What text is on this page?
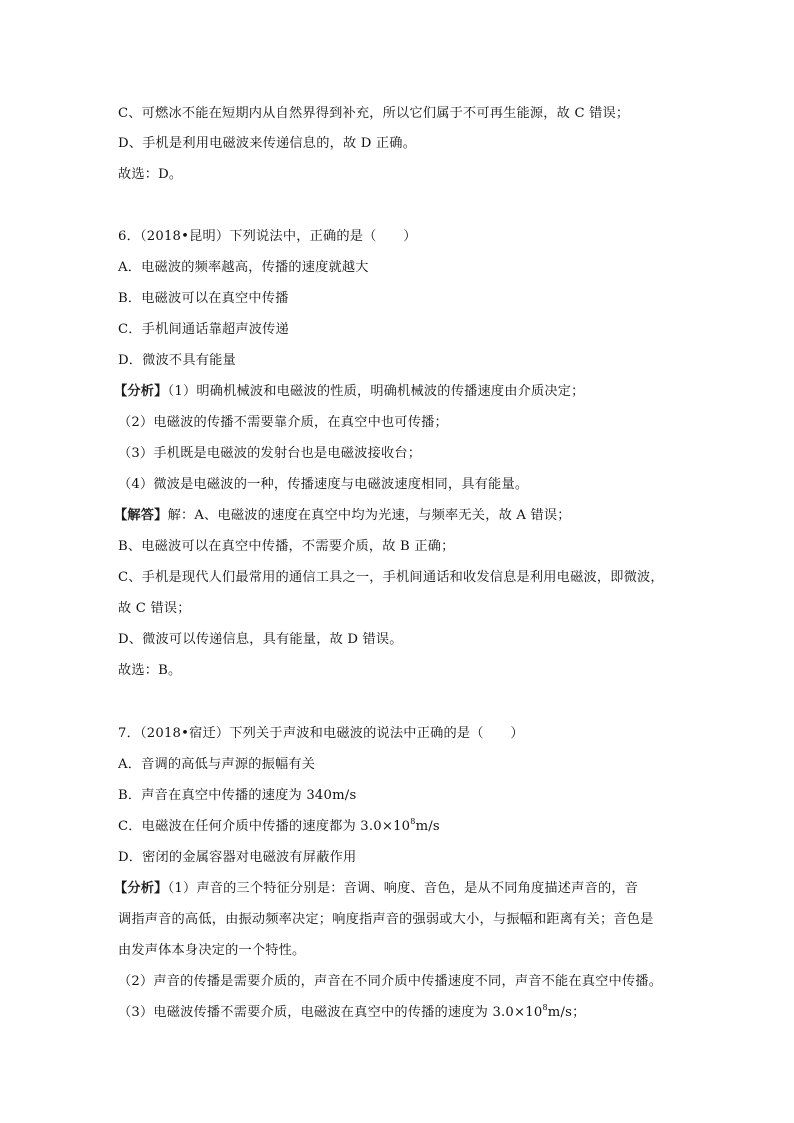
C、可燃冰不能在短期内从自然界得到补充，所以它们属于不可再生能源，故 C 错误；
D、手机是利用电磁波来传递信息的，故 D 正确。
故选：D。
6．（2018•昆明）下列说法中，正确的是（　　）
A．电磁波的频率越高，传播的速度就越大
B．电磁波可以在真空中传播
C．手机间通话靠超声波传递
D．微波不具有能量
【分析】（1）明确机械波和电磁波的性质，明确机械波的传播速度由介质决定；
（2）电磁波的传播不需要靠介质，在真空中也可传播；
（3）手机既是电磁波的发射台也是电磁波接收台；
（4）微波是电磁波的一种，传播速度与电磁波速度相同，具有能量。
【解答】解：A、电磁波的速度在真空中均为光速，与频率无关，故 A 错误；
B、电磁波可以在真空中传播，不需要介质，故 B 正确；
C、手机是现代人们最常用的通信工具之一，手机间通话和收发信息是利用电磁波，即微波，
故 C 错误；
D、微波可以传递信息，具有能量，故 D 错误。
故选：B。
7．（2018•宿迁）下列关于声波和电磁波的说法中正确的是（　　）
A．音调的高低与声源的振幅有关
B．声音在真空中传播的速度为 340m/s
C．电磁波在任何介质中传播的速度都为 $3.0\times 10^8m/s$
D．密闭的金属容器对电磁波有屏蔽作用
【分析】（1）声音的三个特征分别是：音调、响度、音色，是从不同角度描述声音的，音
调指声音的高低，由振动频率决定；响度指声音的强弱或大小，与振幅和距离有关；音色是
由发声体本身决定的一个特性。
（2）声音的传播是需要介质的，声音在不同介质中传播速度不同，声音不能在真空中传播。
（3）电磁波传播不需要介质，电磁波在真空中的传播的速度为 $3.0\times 10^8m/s$；
